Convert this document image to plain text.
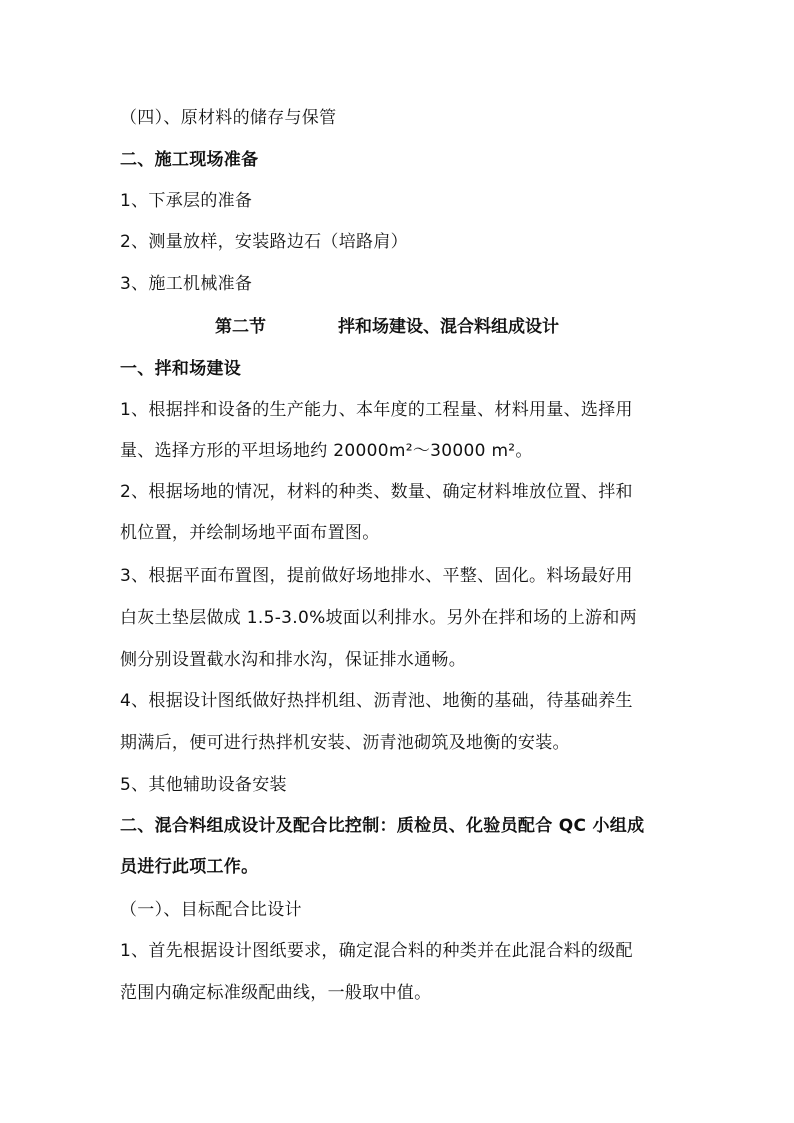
（四）、原材料的储存与保管
二、施工现场准备
1、下承层的准备
2、测量放样，安装路边石（培路肩）
3、施工机械准备
第二节	拌和场建设、混合料组成设计
一、拌和场建设
1、根据拌和设备的生产能力、本年度的工程量、材料用量、选择用
量、选择方形的平坦场地约 20000m²～30000 m²。
2、根据场地的情况，材料的种类、数量、确定材料堆放位置、拌和
机位置，并绘制场地平面布置图。
3、根据平面布置图，提前做好场地排水、平整、固化。料场最好用
白灰土垫层做成 1.5-3.0%坡面以利排水。另外在拌和场的上游和两
侧分别设置截水沟和排水沟，保证排水通畅。
4、根据设计图纸做好热拌机组、沥青池、地衡的基础，待基础养生
期满后，便可进行热拌机安装、沥青池砌筑及地衡的安装。
5、其他辅助设备安装
二、混合料组成设计及配合比控制：质检员、化验员配合 QC 小组成
员进行此项工作。
（一）、目标配合比设计
1、首先根据设计图纸要求，确定混合料的种类并在此混合料的级配
范围内确定标准级配曲线，一般取中值。
